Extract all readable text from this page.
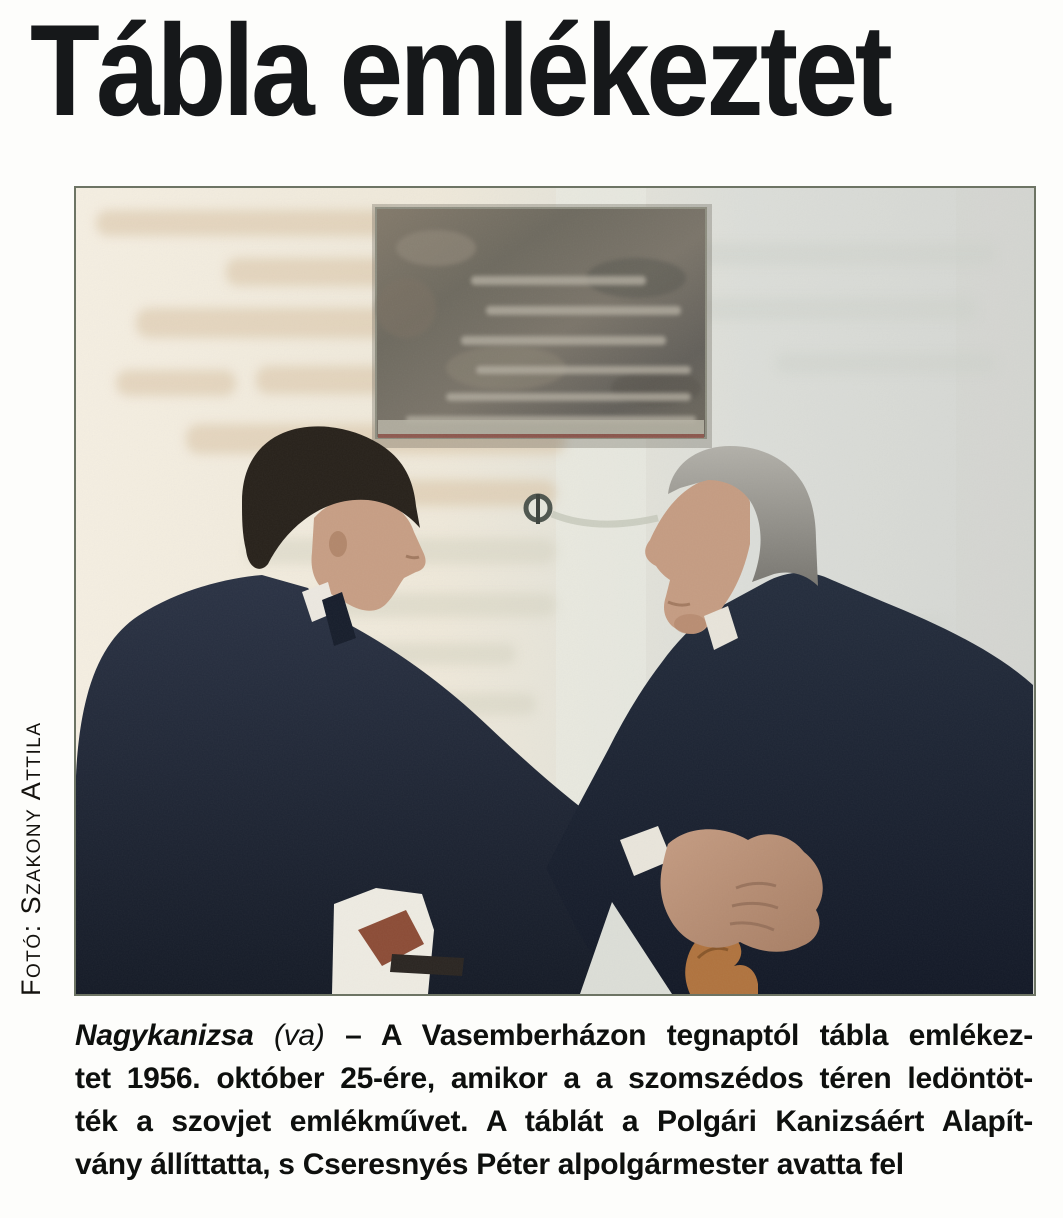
Tábla emlékeztet
Fotó: Szakony Attila
Nagykanizsa (va) – A Vasemberházon tegnaptól tábla emlékez-
tet 1956. október 25-ére, amikor a a szomszédos téren ledöntöt-
ték a szovjet emlékművet. A táblát a Polgári Kanizsáért Alapít-
vány állíttatta, s Cseresnyés Péter alpolgármester avatta fel
